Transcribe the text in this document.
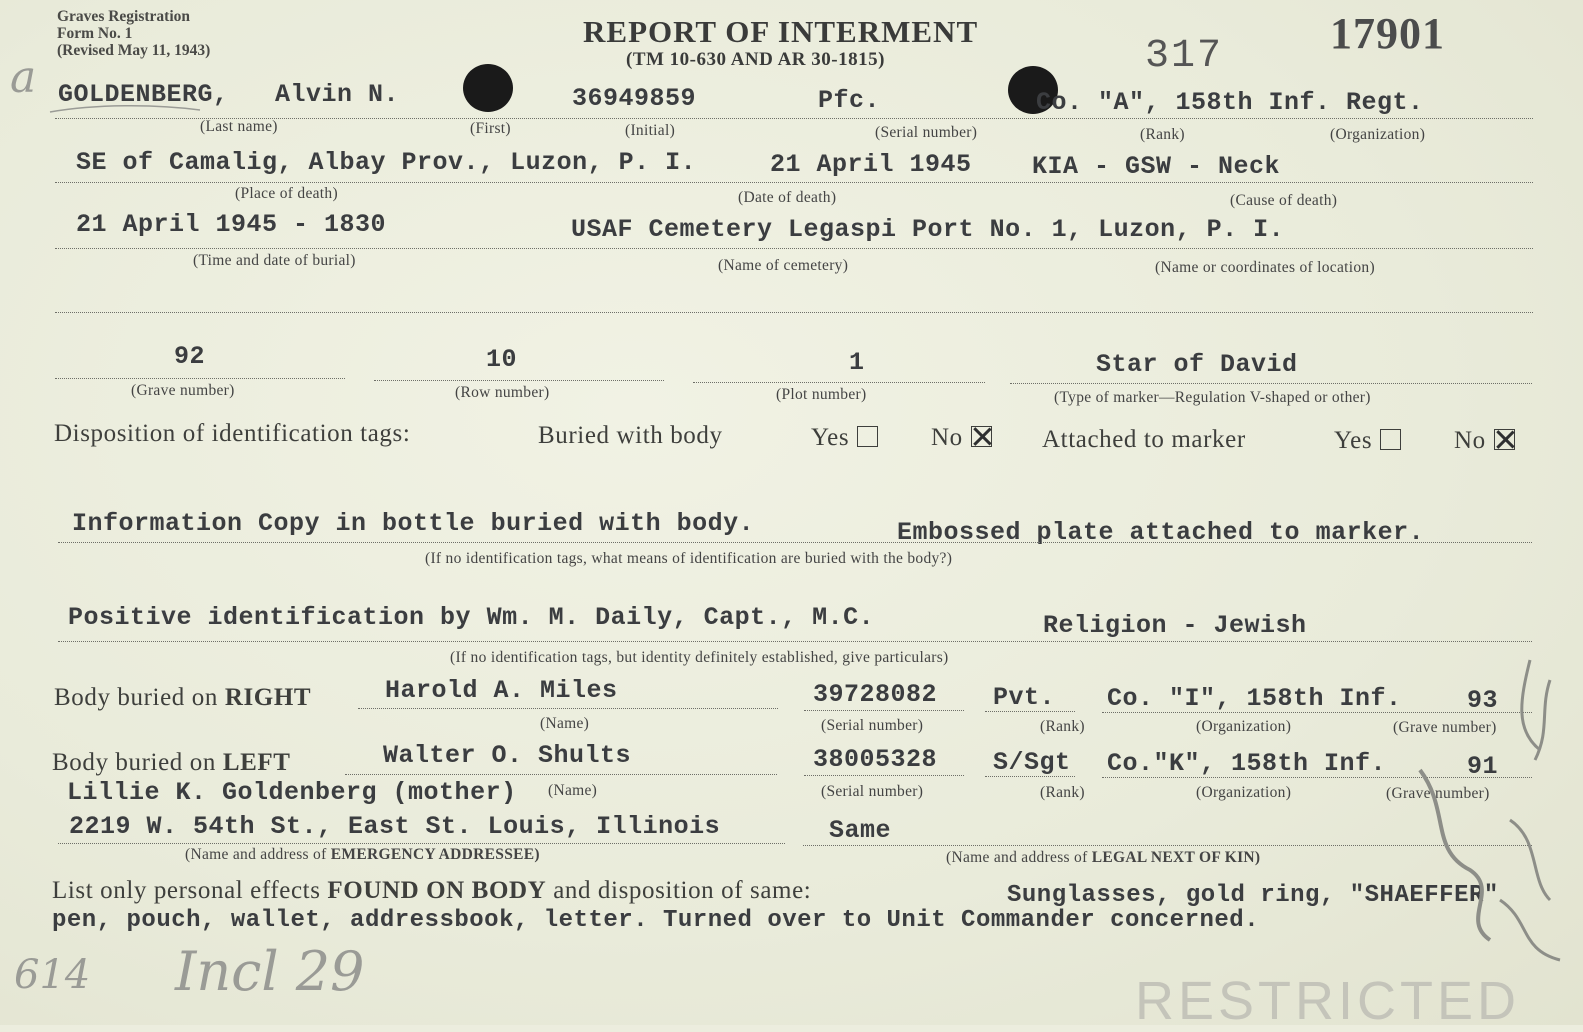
Graves Registration
Form No. 1
(Revised May 11, 1943)
REPORT OF INTERMENT
(TM 10-630 AND AR 30-1815)	317 17901
a GOLDENBERG, Alvin N.	36949859	Pfc.	Co. "A", 158th Inf. Regt.
(Last name)	(First)	(Initial)	(Serial number)	(Rank)	(Organization)
SE of Camalig, Albay Prov., Luzon, P. I.	21 April 1945 KIA - GSW - Neck
(Place of death)	(Date of death)	(Cause of death)
21 April 1945 - 1830	USAF Cemetery Legaspi Port No. 1, Luzon, P. I.
(Time and date of burial)	(Name of cemetery)	(Name or coordinates of location)
92	10	1	Star of David
(Grave number)	(Row number)	(Plot number)	(Type of marker—Regulation V-shaped or other)
Disposition of identification tags:	Buried with body	Yes	No	Attached to marker	Yes	No
Information Copy in bottle buried with body.	Embossed plate attached to marker.
(If no identification tags, what means of identification are buried with the body?)
Positive identification by Wm. M. Daily, Capt., M.C.	Religion - Jewish
(If no identification tags, but identity definitely established, give particulars)
Body buried on RIGHT	Harold A. Miles	39728082 Pvt. Co. "I", 158th Inf.	93
(Name)	(Serial number)	(Rank)	(Organization)	(Grave number)
Body buried on LEFT	Walter O. Shults	38005328 S/Sgt Co."K", 158th Inf.	91
(Name)	(Serial number)	(Rank)	(Organization)	(Grave number)
Lillie K. Goldenberg (mother)
2219 W. 54th St., East St. Louis, Illinois	Same
(Name and address of EMERGENCY ADDRESSEE)	(Name and address of LEGAL NEXT OF KIN)
List only personal effects FOUND ON BODY and disposition of same:	Sunglasses, gold ring, "SHAEFFER"
pen, pouch, wallet, addressbook, letter. Turned over to Unit Commander concerned.
614 Incl 29	RESTRICTED
